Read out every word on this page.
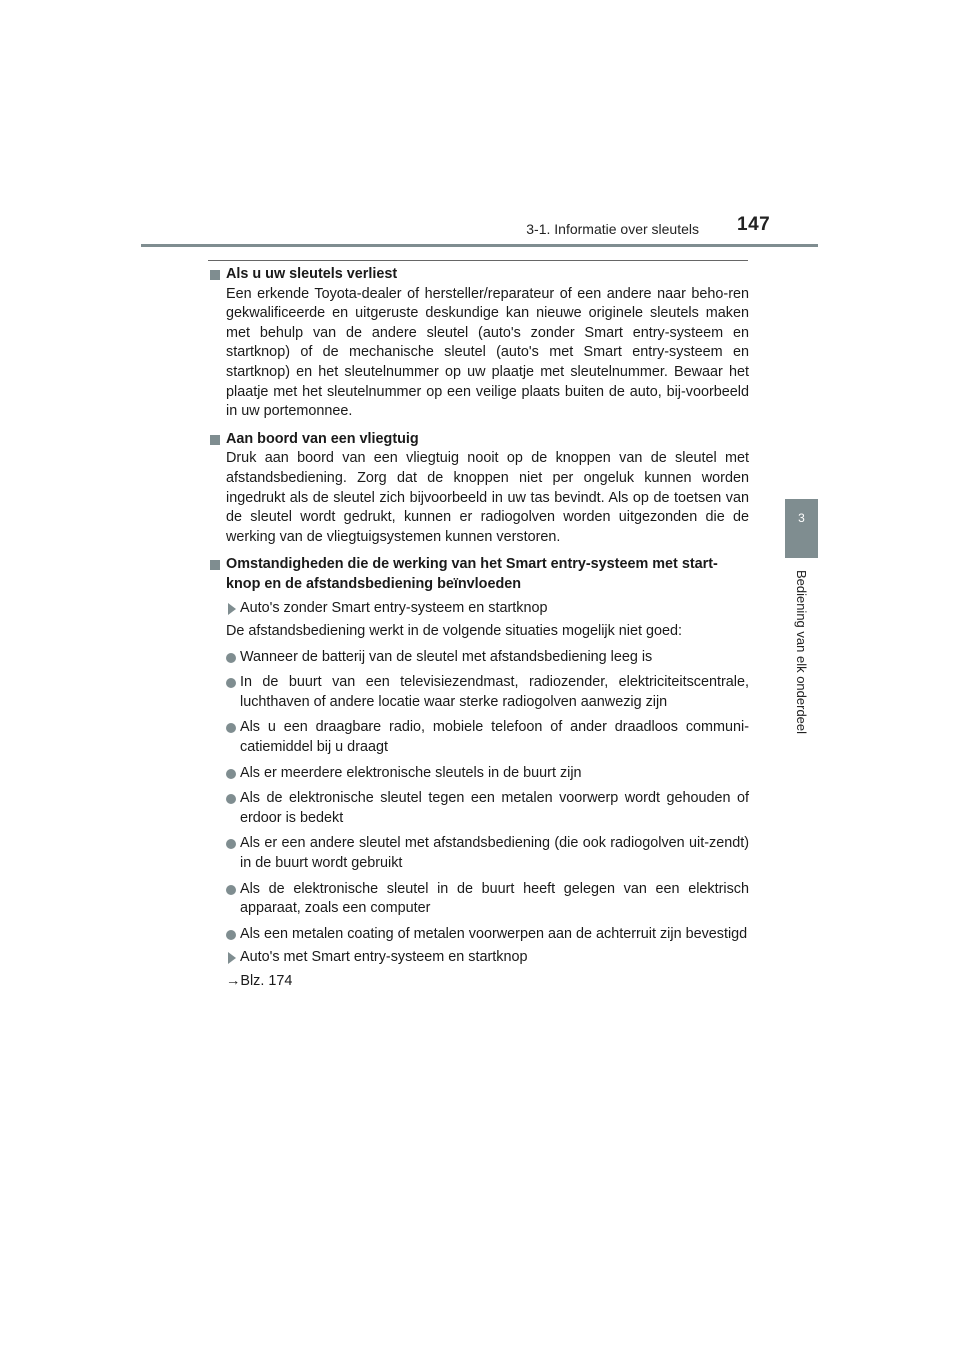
3-1. Informatie over sleutels 147
3
Bediening van elk onderdeel
Als u uw sleutels verliest
Een erkende Toyota-dealer of hersteller/reparateur of een andere naar beho-ren gekwalificeerde en uitgeruste deskundige kan nieuwe originele sleutels maken met behulp van de andere sleutel (auto's zonder Smart entry-systeem en startknop) of de mechanische sleutel (auto's met Smart entry-systeem en startknop) en het sleutelnummer op uw plaatje met sleutelnummer. Bewaar het plaatje met het sleutelnummer op een veilige plaats buiten de auto, bij-voorbeeld in uw portemonnee.
Aan boord van een vliegtuig
Druk aan boord van een vliegtuig nooit op de knoppen van de sleutel met afstandsbediening. Zorg dat de knoppen niet per ongeluk kunnen worden ingedrukt als de sleutel zich bijvoorbeeld in uw tas bevindt. Als op de toetsen van de sleutel wordt gedrukt, kunnen er radiogolven worden uitgezonden die de werking van de vliegtuigsystemen kunnen verstoren.
Omstandigheden die de werking van het Smart entry-systeem met start-knop en de afstandsbediening beïnvloeden
Auto's zonder Smart entry-systeem en startknop
De afstandsbediening werkt in de volgende situaties mogelijk niet goed:
Wanneer de batterij van de sleutel met afstandsbediening leeg is
In de buurt van een televisiezendmast, radiozender, elektriciteitscentrale, luchthaven of andere locatie waar sterke radiogolven aanwezig zijn
Als u een draagbare radio, mobiele telefoon of ander draadloos communi-catiemiddel bij u draagt
Als er meerdere elektronische sleutels in de buurt zijn
Als de elektronische sleutel tegen een metalen voorwerp wordt gehouden of erdoor is bedekt
Als er een andere sleutel met afstandsbediening (die ook radiogolven uit-zendt) in de buurt wordt gebruikt
Als de elektronische sleutel in de buurt heeft gelegen van een elektrisch apparaat, zoals een computer
Als een metalen coating of metalen voorwerpen aan de achterruit zijn bevestigd
Auto's met Smart entry-systeem en startknop
→Blz. 174
